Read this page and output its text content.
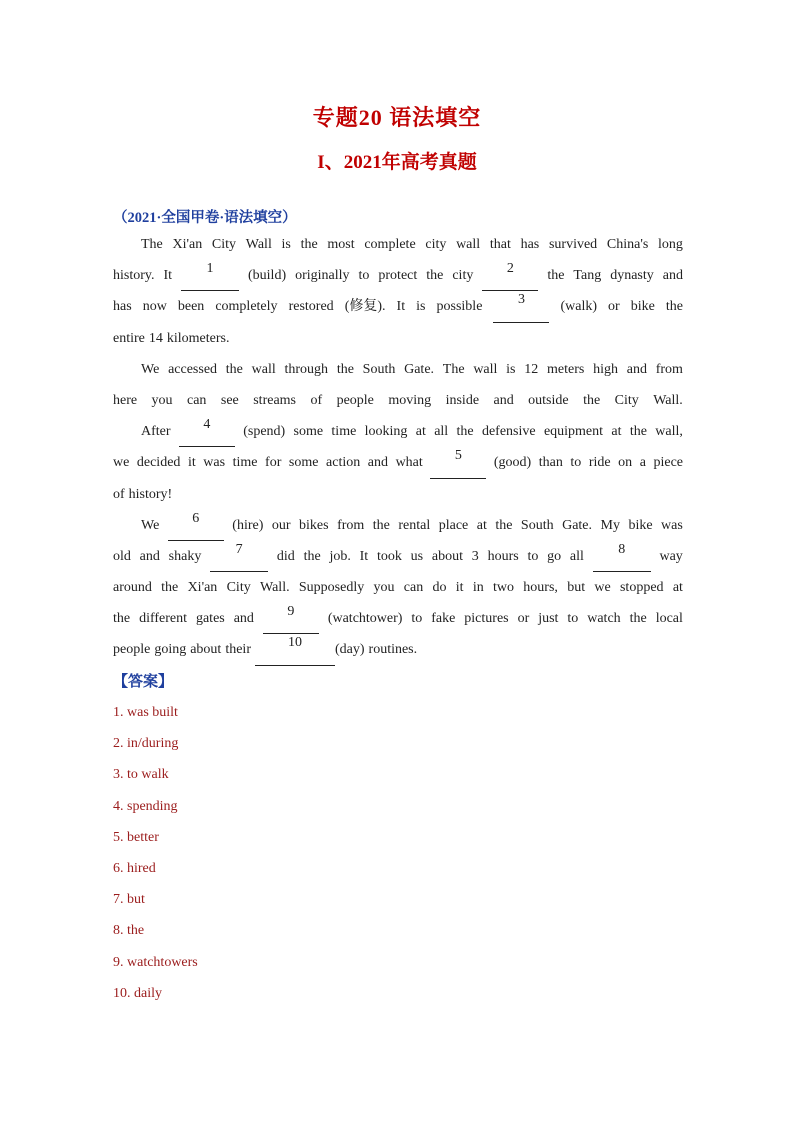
专题20 语法填空
I、2021年高考真题
（2021·全国甲卷·语法填空）
The Xi'an City Wall is the most complete city wall that has survived China's long
history. It	1	(build) originally to protect the city	2	the Tang dynasty and
has now been completely restored (修复). It is possible	3	(walk) or bike the
entire 14 kilometers.
We accessed the wall through the South Gate. The wall is 12 meters high and from
here you can see streams of people moving inside and outside the City Wall.
After	4	(spend) some time looking at all the defensive equipment at the wall,
we decided it was time for some action and what	5	(good) than to ride on a piece
of history!
We	6	(hire) our bikes from the rental place at the South Gate. My bike was
old and shaky	7	did the job. It took us about 3 hours to go all	8	way
around the Xi'an City Wall. Supposedly you can do it in two hours, but we stopped at
the different gates and	9	(watchtower) to fake pictures or just to watch the local
people going about their	10	(day) routines.
【答案】
1. was built
2. in/during
3. to walk
4. spending
5. better
6. hired
7. but
8. the
9. watchtowers
10. daily
